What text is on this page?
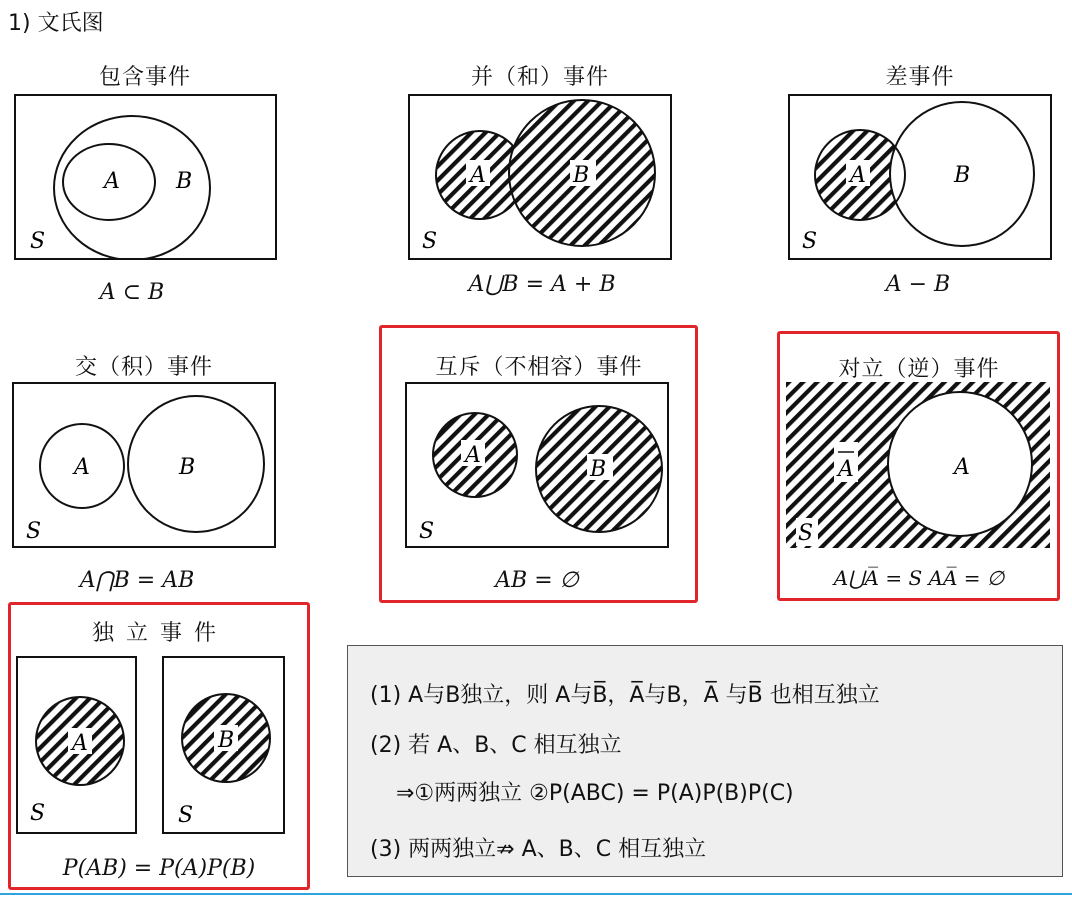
1) 文氏图
包含事件
A	B
S
A ⊂ B
并（和）事件
A	B
S
A⋃B = A + B
差事件
A	B
S
A − B
交（积）事件
A	B
S
A⋂B = AB
互斥（不相容）事件
A
B
S
AB = ∅
对立（逆）事件
A	A
S
A⋃A̅ = S AA̅ = ∅
独立事件
A
S
B
S
P(AB) = P(A)P(B)
(1) A与B独立，则 A与B̅，A̅与B，A̅ 与B̅ 也相互独立
(2) 若 A、B、C 相互独立
⇒①两两独立 ②P(ABC) = P(A)P(B)P(C)
(3) 两两独立⇏ A、B、C 相互独立
